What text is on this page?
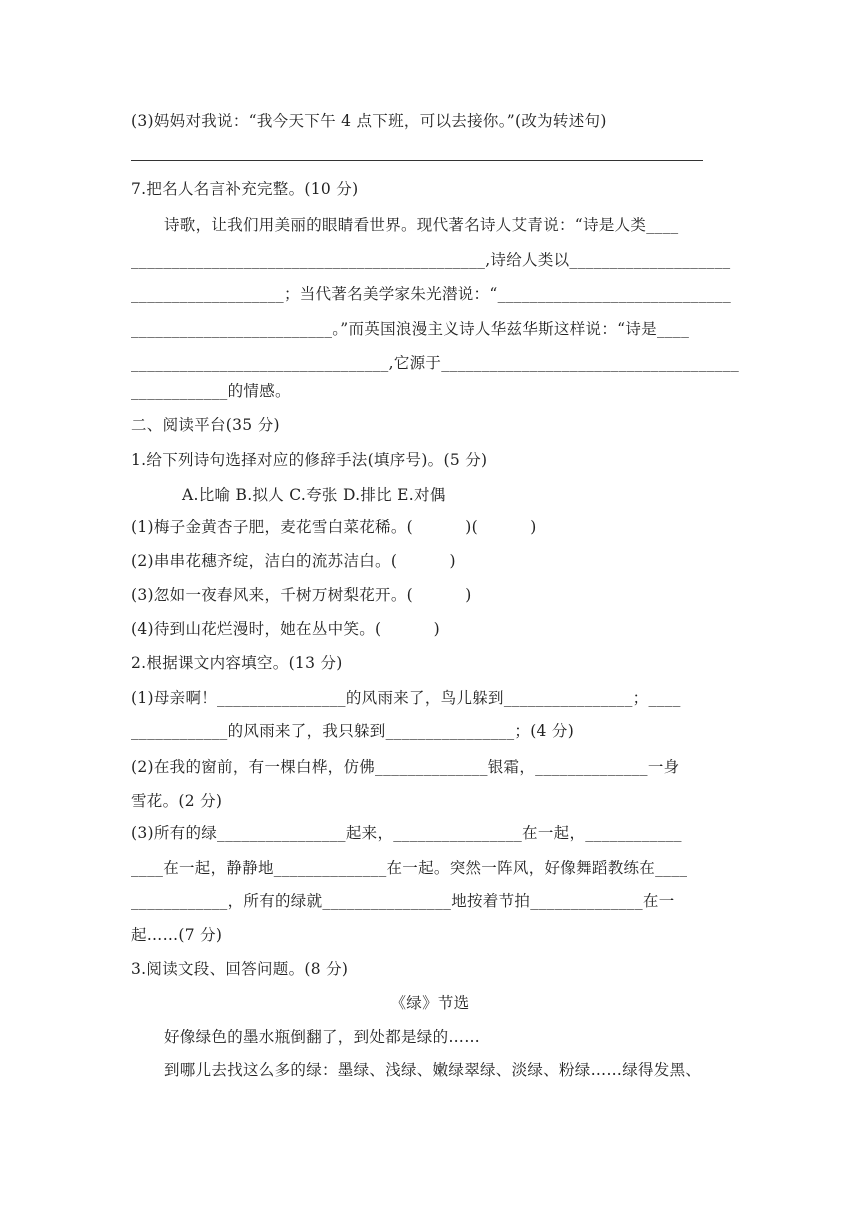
(3)妈妈对我说：“我今天下午 4 点下班，可以去接你。”(改为转述句)
7.把名人名言补充完整。(10 分)
诗歌，让我们用美丽的眼睛看世界。现代著名诗人艾青说：“诗是人类____
____________________________________________,诗给人类以____________________
___________________；当代著名美学家朱光潜说：“_____________________________
_________________________。”而英国浪漫主义诗人华兹华斯这样说：“诗是____
________________________________,它源于_____________________________________
____________的情感。
二、阅读平台(35 分)
1.给下列诗句选择对应的修辞手法(填序号)。(5 分)
A.比喻 B.拟人 C.夸张 D.排比 E.对偶
(1)梅子金黄杏子肥，麦花雪白菜花稀。(          )(          )
(2)串串花穗齐绽，洁白的流苏洁白。(          )
(3)忽如一夜春风来，千树万树梨花开。(          )
(4)待到山花烂漫时，她在丛中笑。(          )
2.根据课文内容填空。(13 分)
(1)母亲啊！________________的风雨来了，鸟儿躲到________________；____
____________的风雨来了，我只躲到________________；(4 分)
(2)在我的窗前，有一棵白桦，仿佛______________银霜，______________一身
雪花。(2 分)
(3)所有的绿________________起来，________________在一起，____________
____在一起，静静地______________在一起。突然一阵风，好像舞蹈教练在____
____________，所有的绿就________________地按着节拍______________在一
起……(7 分)
3.阅读文段、回答问题。(8 分)
《绿》节选
好像绿色的墨水瓶倒翻了，到处都是绿的……
到哪儿去找这么多的绿：墨绿、浅绿、嫩绿翠绿、淡绿、粉绿……绿得发黑、
